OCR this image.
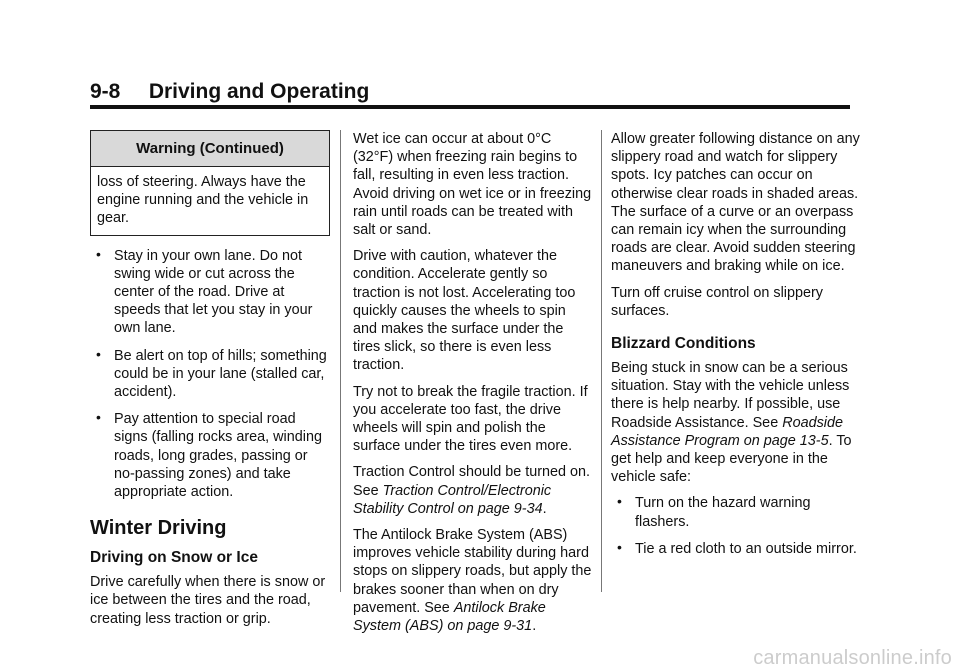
9-8 Driving and Operating
Warning (Continued)
loss of steering. Always have the engine running and the vehicle in gear.
• Stay in your own lane. Do not swing wide or cut across the center of the road. Drive at speeds that let you stay in your own lane.
• Be alert on top of hills; something could be in your lane (stalled car, accident).
• Pay attention to special road signs (falling rocks area, winding roads, long grades, passing or no-passing zones) and take appropriate action.
Winter Driving
Driving on Snow or Ice

Drive carefully when there is snow or ice between the tires and the road, creating less traction or grip.

Wet ice can occur at about 0°C (32°F) when freezing rain begins to fall, resulting in even less traction. Avoid driving on wet ice or in freezing rain until roads can be treated with salt or sand.

Drive with caution, whatever the condition. Accelerate gently so traction is not lost. Accelerating too quickly causes the wheels to spin and makes the surface under the tires slick, so there is even less traction.

Try not to break the fragile traction. If you accelerate too fast, the drive wheels will spin and polish the surface under the tires even more.

Traction Control should be turned on. See Traction Control/Electronic Stability Control on page 9-34.

The Antilock Brake System (ABS) improves vehicle stability during hard stops on slippery roads, but apply the brakes sooner than when on dry pavement. See Antilock Brake System (ABS) on page 9-31.

Allow greater following distance on any slippery road and watch for slippery spots. Icy patches can occur on otherwise clear roads in shaded areas. The surface of a curve or an overpass can remain icy when the surrounding roads are clear. Avoid sudden steering maneuvers and braking while on ice.

Turn off cruise control on slippery surfaces.

Blizzard Conditions

Being stuck in snow can be a serious situation. Stay with the vehicle unless there is help nearby. If possible, use Roadside Assistance. See Roadside Assistance Program on page 13-5. To get help and keep everyone in the vehicle safe:

• Turn on the hazard warning flashers.
• Tie a red cloth to an outside mirror.
carmanualsonline.info
